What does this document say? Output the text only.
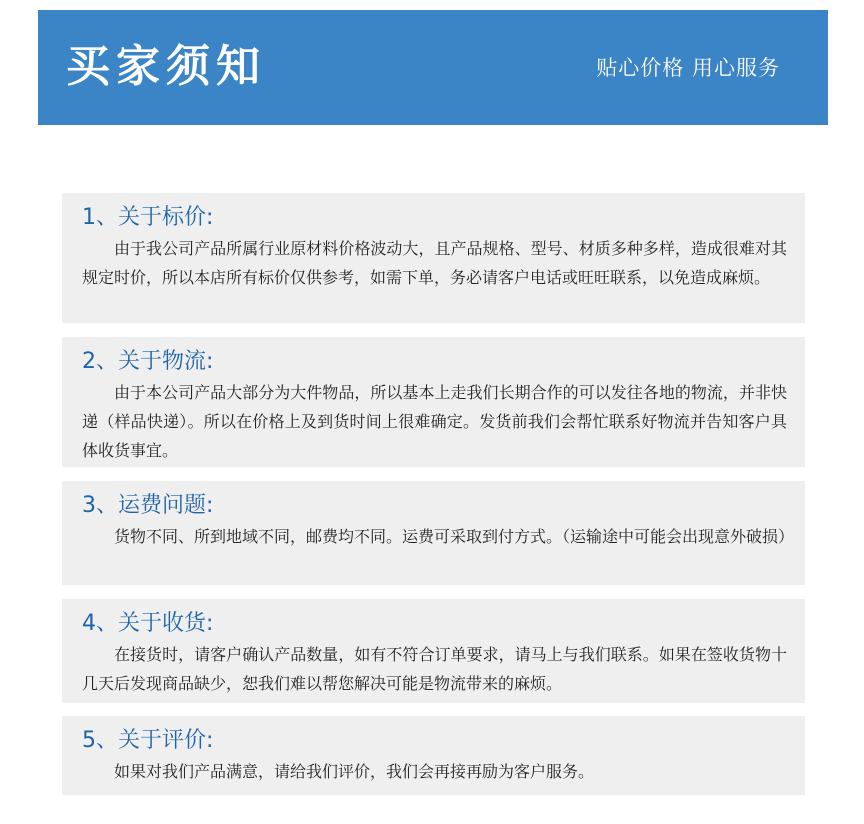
买家须知	贴心价格 用心服务
1、关于标价:
由于我公司产品所属行业原材料价格波动大，且产品规格、型号、材质多种多样，造成很难对其规定时价，所以本店所有标价仅供参考，如需下单，务必请客户电话或旺旺联系，以免造成麻烦。
2、关于物流:
由于本公司产品大部分为大件物品，所以基本上走我们长期合作的可以发往各地的物流，并非快递（样品快递）。所以在价格上及到货时间上很难确定。发货前我们会帮忙联系好物流并告知客户具体收货事宜。
3、运费问题:
货物不同、所到地域不同，邮费均不同。运费可采取到付方式。（运输途中可能会出现意外破损）
4、关于收货:
在接货时，请客户确认产品数量，如有不符合订单要求，请马上与我们联系。如果在签收货物十几天后发现商品缺少，恕我们难以帮您解决可能是物流带来的麻烦。
5、关于评价:
如果对我们产品满意，请给我们评价，我们会再接再励为客户服务。
